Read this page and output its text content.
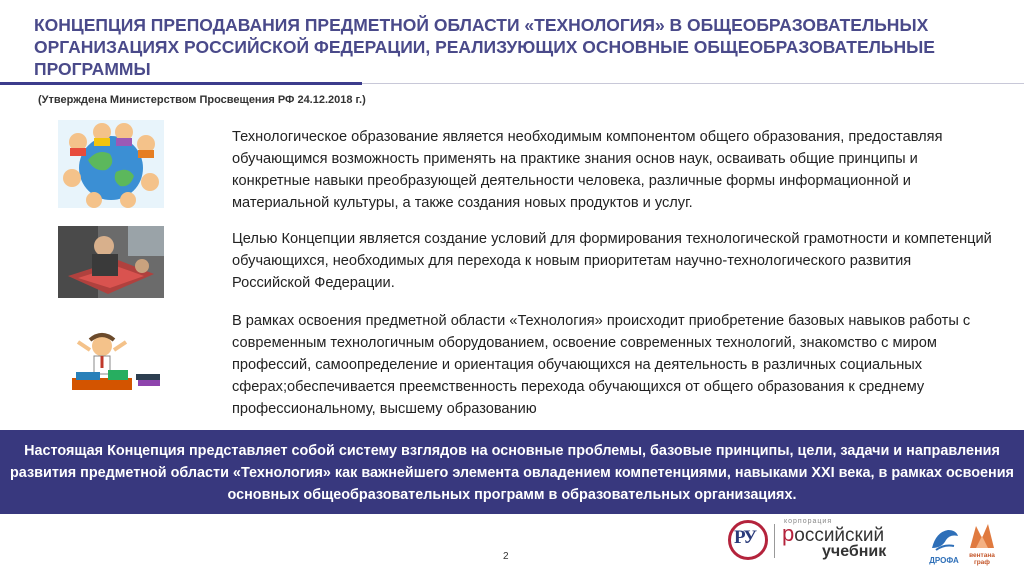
КОНЦЕПЦИЯ ПРЕПОДАВАНИЯ ПРЕДМЕТНОЙ ОБЛАСТИ «ТЕХНОЛОГИЯ» В ОБЩЕОБРАЗОВАТЕЛЬНЫХ ОРГАНИЗАЦИЯХ РОССИЙСКОЙ ФЕДЕРАЦИИ, РЕАЛИЗУЮЩИХ ОСНОВНЫЕ ОБЩЕОБРАЗОВАТЕЛЬНЫЕ ПРОГРАММЫ
(Утверждена Министерством Просвещения РФ 24.12.2018 г.)
Технологическое образование является необходимым компонентом общего образования, предоставляя обучающимся возможность применять на практике знания основ наук, осваивать общие принципы и конкретные навыки преобразующей деятельности человека, различные формы информационной и материальной культуры, а также создания новых продуктов и услуг.
Целью Концепции является создание условий для формирования технологической грамотности и компетенций обучающихся, необходимых для перехода к новым приоритетам научно-технологического развития Российской Федерации.
В рамках освоения предметной области «Технология» происходит приобретение базовых навыков работы с современным технологичным оборудованием, освоение современных технологий, знакомство с миром профессий, самоопределение и ориентация обучающихся на деятельность в различных социальных сферах;обеспечивается преемственность перехода обучающихся от общего образования к среднему профессиональному, высшему образованию
Настоящая Концепция представляет собой систему взглядов на основные проблемы, базовые принципы, цели, задачи и направления развития предметной области «Технология» как важнейшего элемента овладением компетенциями, навыками XXI века, в рамках освоения основных общеобразовательных программ в образовательных организациях.
2
РУ
корпорация
российский
учебник
ДРОФА
вентана
граф
